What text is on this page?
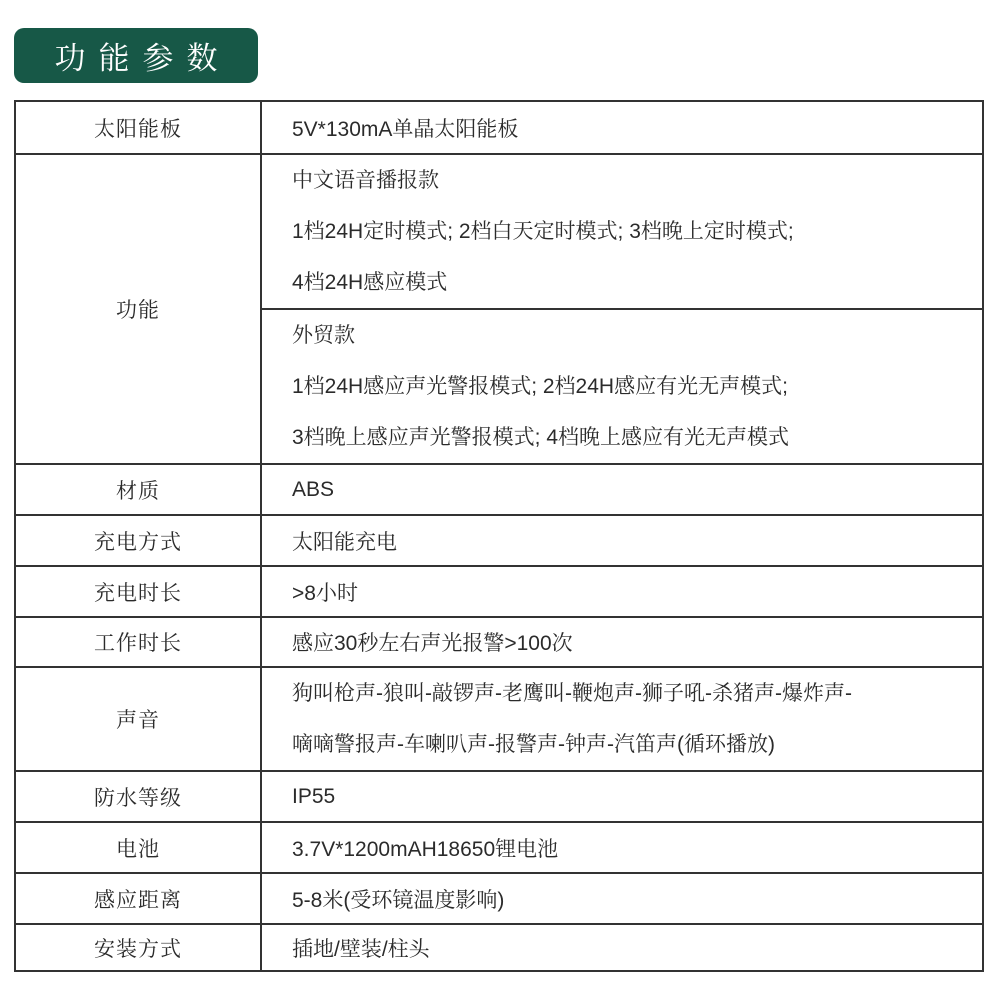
功能参数
太阳能板	5V*130mA单晶太阳能板
功能	中文语音播报款
1档24H定时模式; 2档白天定时模式; 3档晚上定时模式;
4档24H感应模式

	外贸款
1档24H感应声光警报模式; 2档24H感应有光无声模式;
3档晚上感应声光警报模式; 4档晚上感应有光无声模式

材质	ABS
充电方式	太阳能充电
充电时长	>8小时
工作时长	感应30秒左右声光报警>100次
声音	狗叫枪声-狼叫-敲锣声-老鹰叫-鞭炮声-狮子吼-杀猪声-爆炸声-
嘀嘀警报声-车喇叭声-报警声-钟声-汽笛声(循环播放)

防水等级	IP55
电池	3.7V*1200mAH18650锂电池
感应距离	5-8米(受环镜温度影响)
安装方式	插地/壁装/柱头
